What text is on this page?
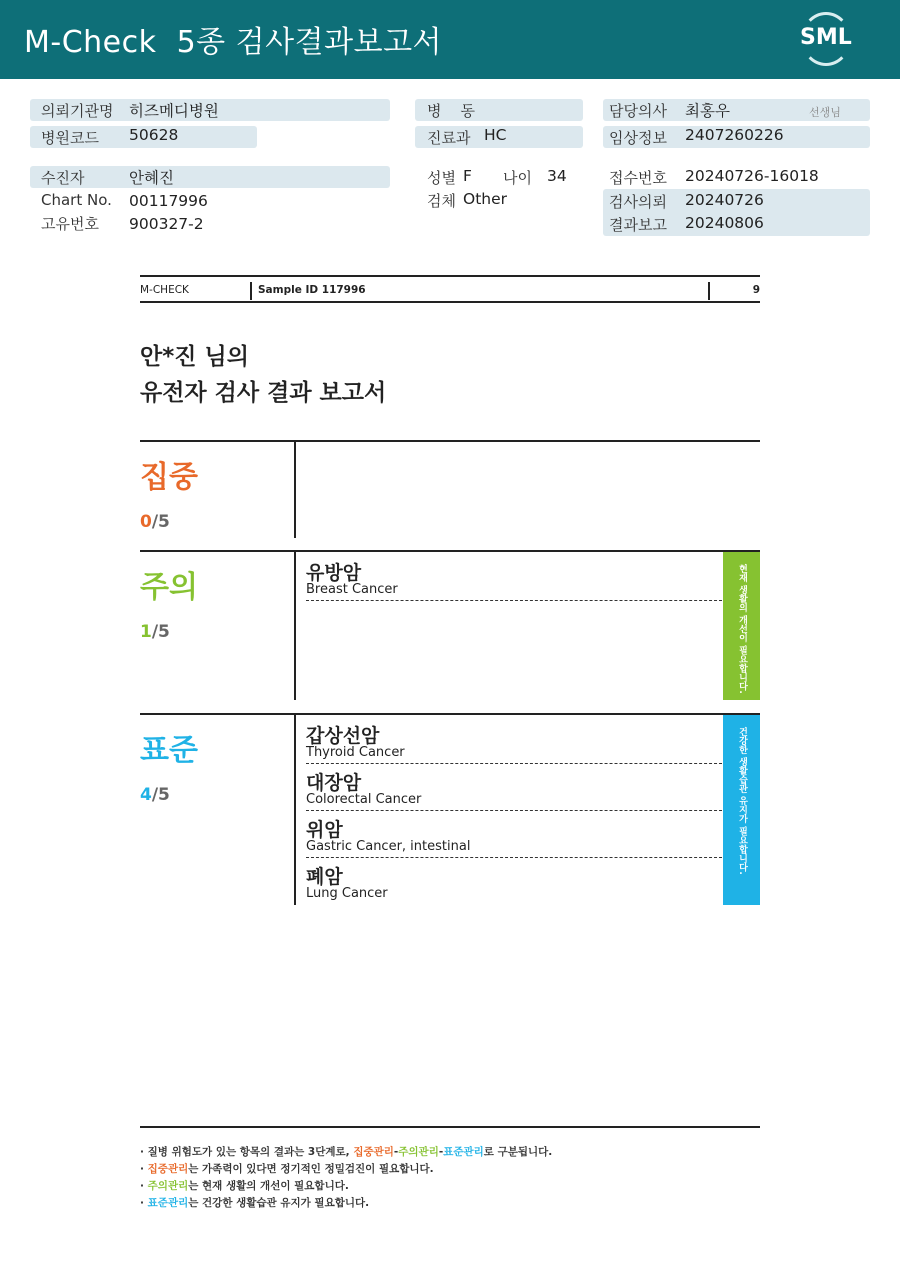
M-Check  5종 검사결과보고서	SML
의뢰기관명 히즈메디병원
병원코드 50628
병    동
진료과 HC
담당의사 최홍우	선생님
임상정보 2407260226
수진자	안혜진
Chart No. 00117996
고유번호 900327-2
성별 F 나이 34
검체 Other
접수번호 20240726-16018
검사의뢰 20240726
결과보고 20240806
M-CHECK	Sample ID 117996	9
안*진 님의
유전자 검사 결과 보고서
집중
0/5
주의
1/5
유방암
Breast Cancer	현재 생활의 개선이 필요합니다.
표준
4/5
갑상선암
Thyroid Cancer
대장암
Colorectal Cancer
위암
Gastric Cancer, intestinal
폐암
Lung Cancer
건강한 생활습관 유지가 필요합니다.
· 질병 위험도가 있는 항목의 결과는 3단계로, 집중관리-주의관리-표준관리로 구분됩니다.
· 집중관리는 가족력이 있다면 정기적인 정밀검진이 필요합니다.
· 주의관리는 현재 생활의 개선이 필요합니다.
· 표준관리는 건강한 생활습관 유지가 필요합니다.
